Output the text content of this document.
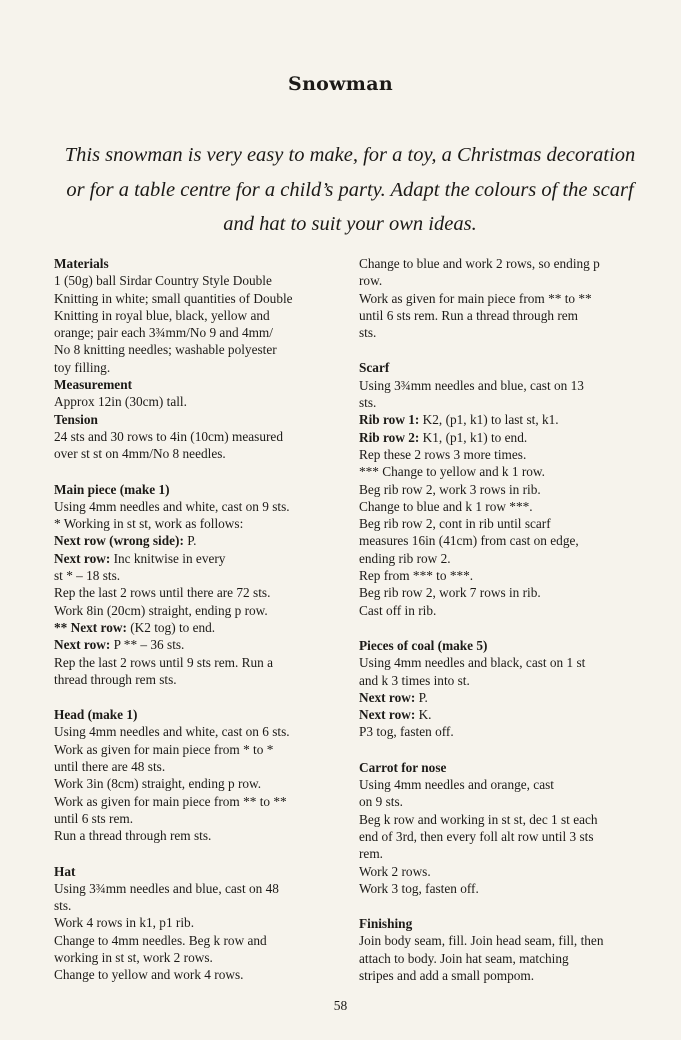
Snowman
This snowman is very easy to make, for a toy, a Christmas decoration
or for a table centre for a child’s party. Adapt the colours of the scarf
and hat to suit your own ideas.
Materials
1 (50g) ball Sirdar Country Style Double
Knitting in white; small quantities of Double
Knitting in royal blue, black, yellow and
orange; pair each 3¾mm/No 9 and 4mm/
No 8 knitting needles; washable polyester
toy filling.
Measurement
Approx 12in (30cm) tall.
Tension
24 sts and 30 rows to 4in (10cm) measured
over st st on 4mm/No 8 needles.
Main piece (make 1)
Using 4mm needles and white, cast on 9 sts.
* Working in st st, work as follows:
Next row (wrong side): P.
Next row: Inc knitwise in every
st * – 18 sts.
Rep the last 2 rows until there are 72 sts.
Work 8in (20cm) straight, ending p row.
** Next row: (K2 tog) to end.
Next row: P ** – 36 sts.
Rep the last 2 rows until 9 sts rem. Run a
thread through rem sts.
Head (make 1)
Using 4mm needles and white, cast on 6 sts.
Work as given for main piece from * to *
until there are 48 sts.
Work 3in (8cm) straight, ending p row.
Work as given for main piece from ** to **
until 6 sts rem.
Run a thread through rem sts.
Hat
Using 3¾mm needles and blue, cast on 48
sts.
Work 4 rows in k1, p1 rib.
Change to 4mm needles. Beg k row and
working in st st, work 2 rows.
Change to yellow and work 4 rows.
Change to blue and work 2 rows, so ending p
row.
Work as given for main piece from ** to **
until 6 sts rem. Run a thread through rem
sts.
Scarf
Using 3¾mm needles and blue, cast on 13
sts.
Rib row 1: K2, (p1, k1) to last st, k1.
Rib row 2: K1, (p1, k1) to end.
Rep these 2 rows 3 more times.
*** Change to yellow and k 1 row.
Beg rib row 2, work 3 rows in rib.
Change to blue and k 1 row ***.
Beg rib row 2, cont in rib until scarf
measures 16in (41cm) from cast on edge,
ending rib row 2.
Rep from *** to ***.
Beg rib row 2, work 7 rows in rib.
Cast off in rib.
Pieces of coal (make 5)
Using 4mm needles and black, cast on 1 st
and k 3 times into st.
Next row: P.
Next row: K.
P3 tog, fasten off.
Carrot for nose
Using 4mm needles and orange, cast
on 9 sts.
Beg k row and working in st st, dec 1 st each
end of 3rd, then every foll alt row until 3 sts
rem.
Work 2 rows.
Work 3 tog, fasten off.
Finishing
Join body seam, fill. Join head seam, fill, then
attach to body. Join hat seam, matching
stripes and add a small pompom.
58
